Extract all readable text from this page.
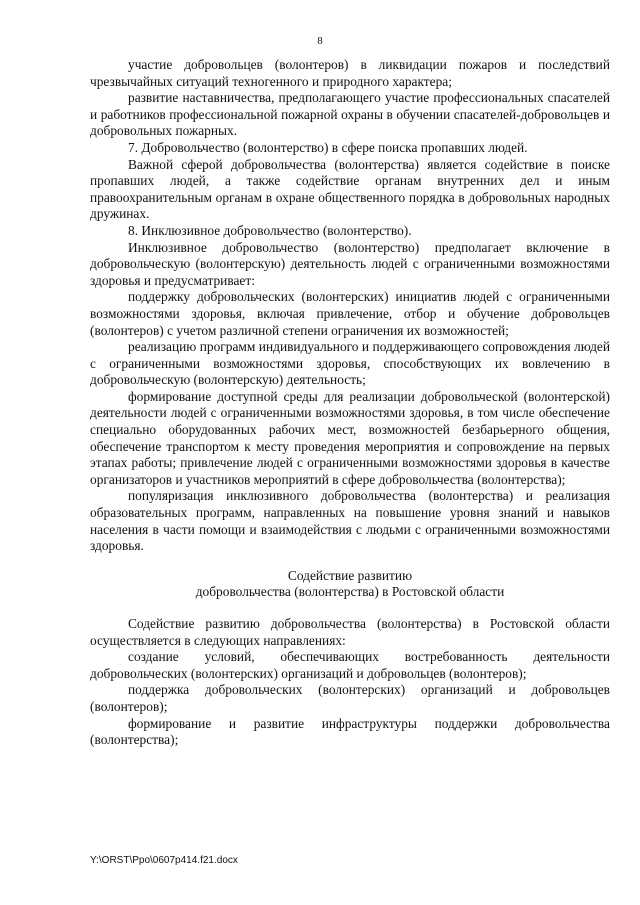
8

участие добровольцев (волонтеров) в ликвидации пожаров и последствий чрезвычайных ситуаций техногенного и природного характера;

развитие наставничества, предполагающего участие профессиональных спасателей и работников профессиональной пожарной охраны в обучении спасателей-добровольцев и добровольных пожарных.

7. Добровольчество (волонтерство) в сфере поиска пропавших людей.

Важной сферой добровольчества (волонтерства) является содействие в поиске пропавших людей, а также содействие органам внутренних дел и иным правоохранительным органам в охране общественного порядка в добровольных народных дружинах.

8. Инклюзивное добровольчество (волонтерство).

Инклюзивное добровольчество (волонтерство) предполагает включение в добровольческую (волонтерскую) деятельность людей с ограниченными возможностями здоровья и предусматривает:

поддержку добровольческих (волонтерских) инициатив людей с ограниченными возможностями здоровья, включая привлечение, отбор и обучение добровольцев (волонтеров) с учетом различной степени ограничения их возможностей;

реализацию программ индивидуального и поддерживающего сопровождения людей с ограниченными возможностями здоровья, способствующих их вовлечению в добровольческую (волонтерскую) деятельность;

формирование доступной среды для реализации добровольческой (волонтерской) деятельности людей с ограниченными возможностями здоровья, в том числе обеспечение специально оборудованных рабочих мест, возможностей безбарьерного общения, обеспечение транспортом к месту проведения мероприятия и сопровождение на первых этапах работы; привлечение людей с ограниченными возможностями здоровья в качестве организаторов и участников мероприятий в сфере добровольчества (волонтерства);

популяризация инклюзивного добровольчества (волонтерства) и реализация образовательных программ, направленных на повышение уровня знаний и навыков населения в части помощи и взаимодействия с людьми с ограниченными возможностями здоровья.

Содействие развитию
добровольчества (волонтерства) в Ростовской области

Содействие развитию добровольчества (волонтерства) в Ростовской области осуществляется в следующих направлениях:

создание условий, обеспечивающих востребованность деятельности добровольческих (волонтерских) организаций и добровольцев (волонтеров);

поддержка добровольческих (волонтерских) организаций и добровольцев (волонтеров);

формирование и развитие инфраструктуры поддержки добровольчества (волонтерства);

Y:\ORST\Ppo\0607p414.f21.docx
